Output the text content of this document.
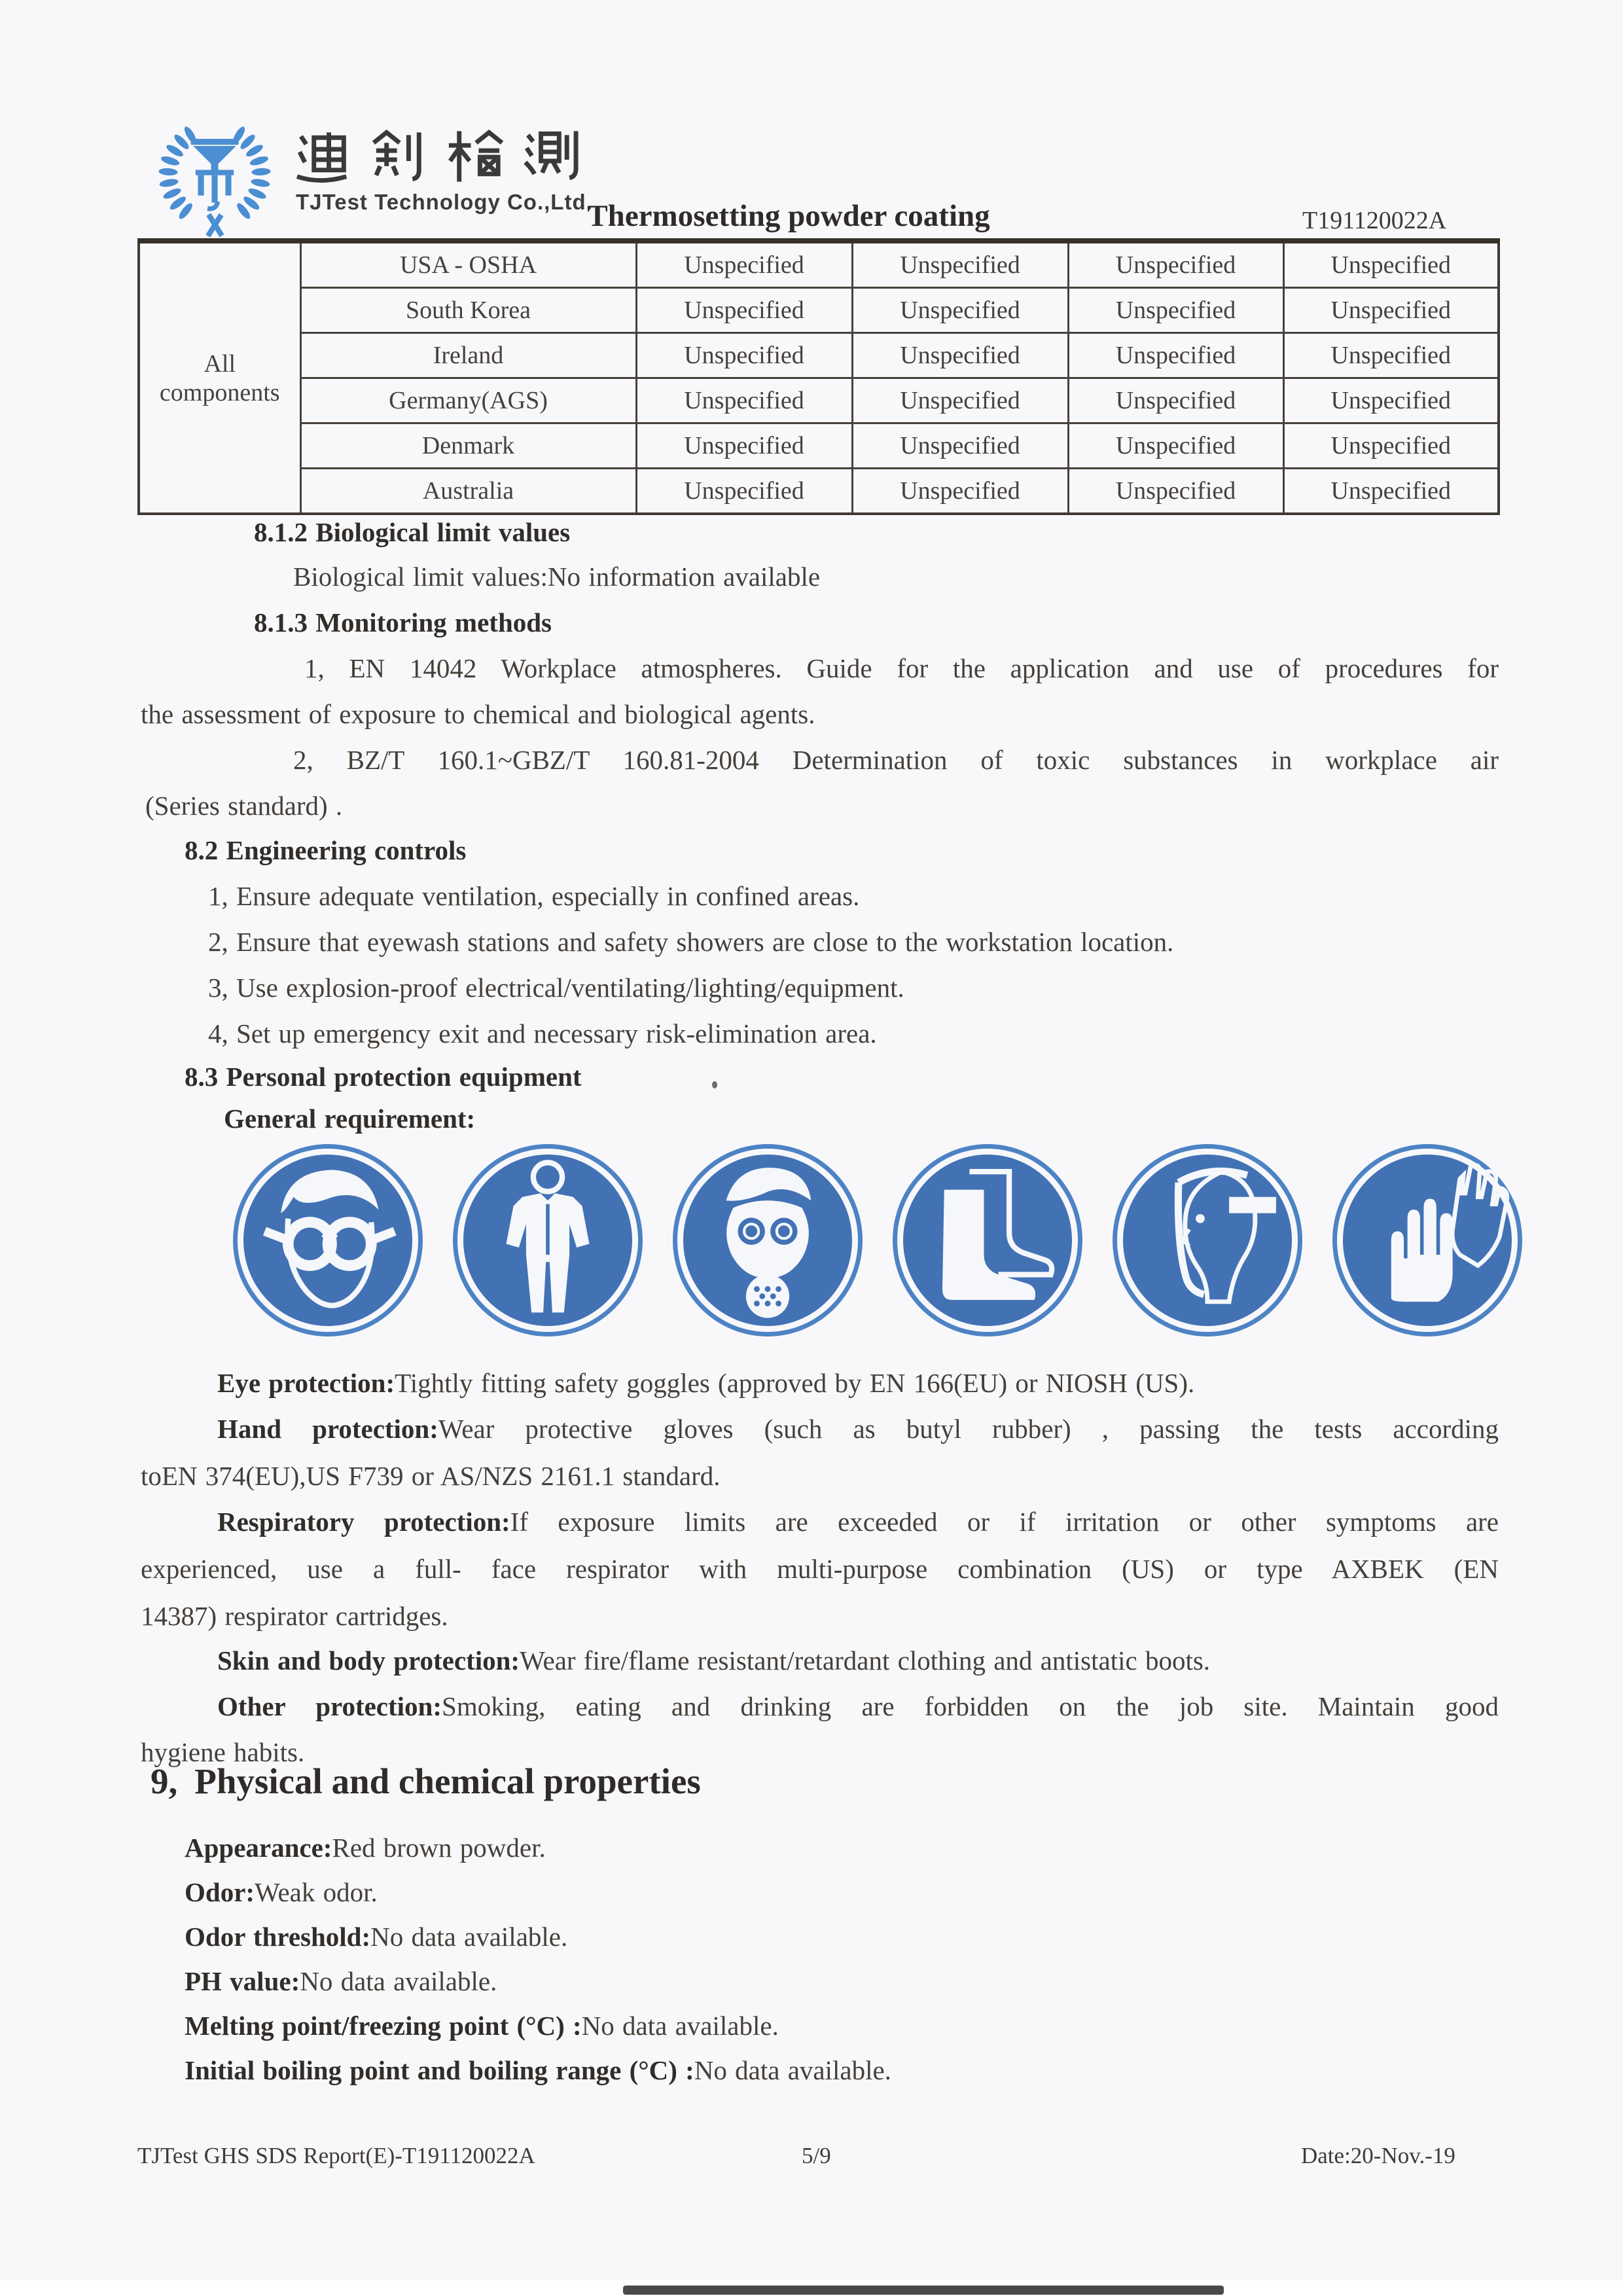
TJTest Technology Co.,Ltd.
Thermosetting powder coating	T191120022A
All components	USA - OSHA	Unspecified	Unspecified	Unspecified	Unspecified
	South Korea	Unspecified	Unspecified	Unspecified	Unspecified
	Ireland	Unspecified	Unspecified	Unspecified	Unspecified
	Germany(AGS)	Unspecified	Unspecified	Unspecified	Unspecified
	Denmark	Unspecified	Unspecified	Unspecified	Unspecified
	Australia	Unspecified	Unspecified	Unspecified	Unspecified
8.1.2 Biological limit values
Biological limit values:No information available
8.1.3 Monitoring methods
1, EN 14042 Workplace atmospheres. Guide for the application and use of procedures for
the assessment of exposure to chemical and biological agents.
2, BZ/T 160.1~GBZ/T 160.81-2004 Determination of toxic substances in workplace air
(Series standard) .
8.2 Engineering controls
1, Ensure adequate ventilation, especially in confined areas.
2, Ensure that eyewash stations and safety showers are close to the workstation location.
3, Use explosion-proof electrical/ventilating/lighting/equipment.
4, Set up emergency exit and necessary risk-elimination area.
8.3 Personal protection equipment
General requirement:
Eye protection:Tightly fitting safety goggles (approved by EN 166(EU) or NIOSH (US).
Hand protection:Wear protective gloves (such as butyl rubber) , passing the tests according
toEN 374(EU),US F739 or AS/NZS 2161.1 standard.
Respiratory protection:If exposure limits are exceeded or if irritation or other symptoms are
experienced, use a full- face respirator with multi-purpose combination (US) or type AXBEK (EN
14387) respirator cartridges.
Skin and body protection:Wear fire/flame resistant/retardant clothing and antistatic boots.
Other protection:Smoking, eating and drinking are forbidden on the job site. Maintain good
hygiene habits.
9, Physical and chemical properties
Appearance:Red brown powder.
Odor:Weak odor.
Odor threshold:No data available.
PH value:No data available.
Melting point/freezing point (°C) :No data available.
Initial boiling point and boiling range (°C) :No data available.
TJTest GHS SDS Report(E)-T191120022A	5/9	Date:20-Nov.-19
